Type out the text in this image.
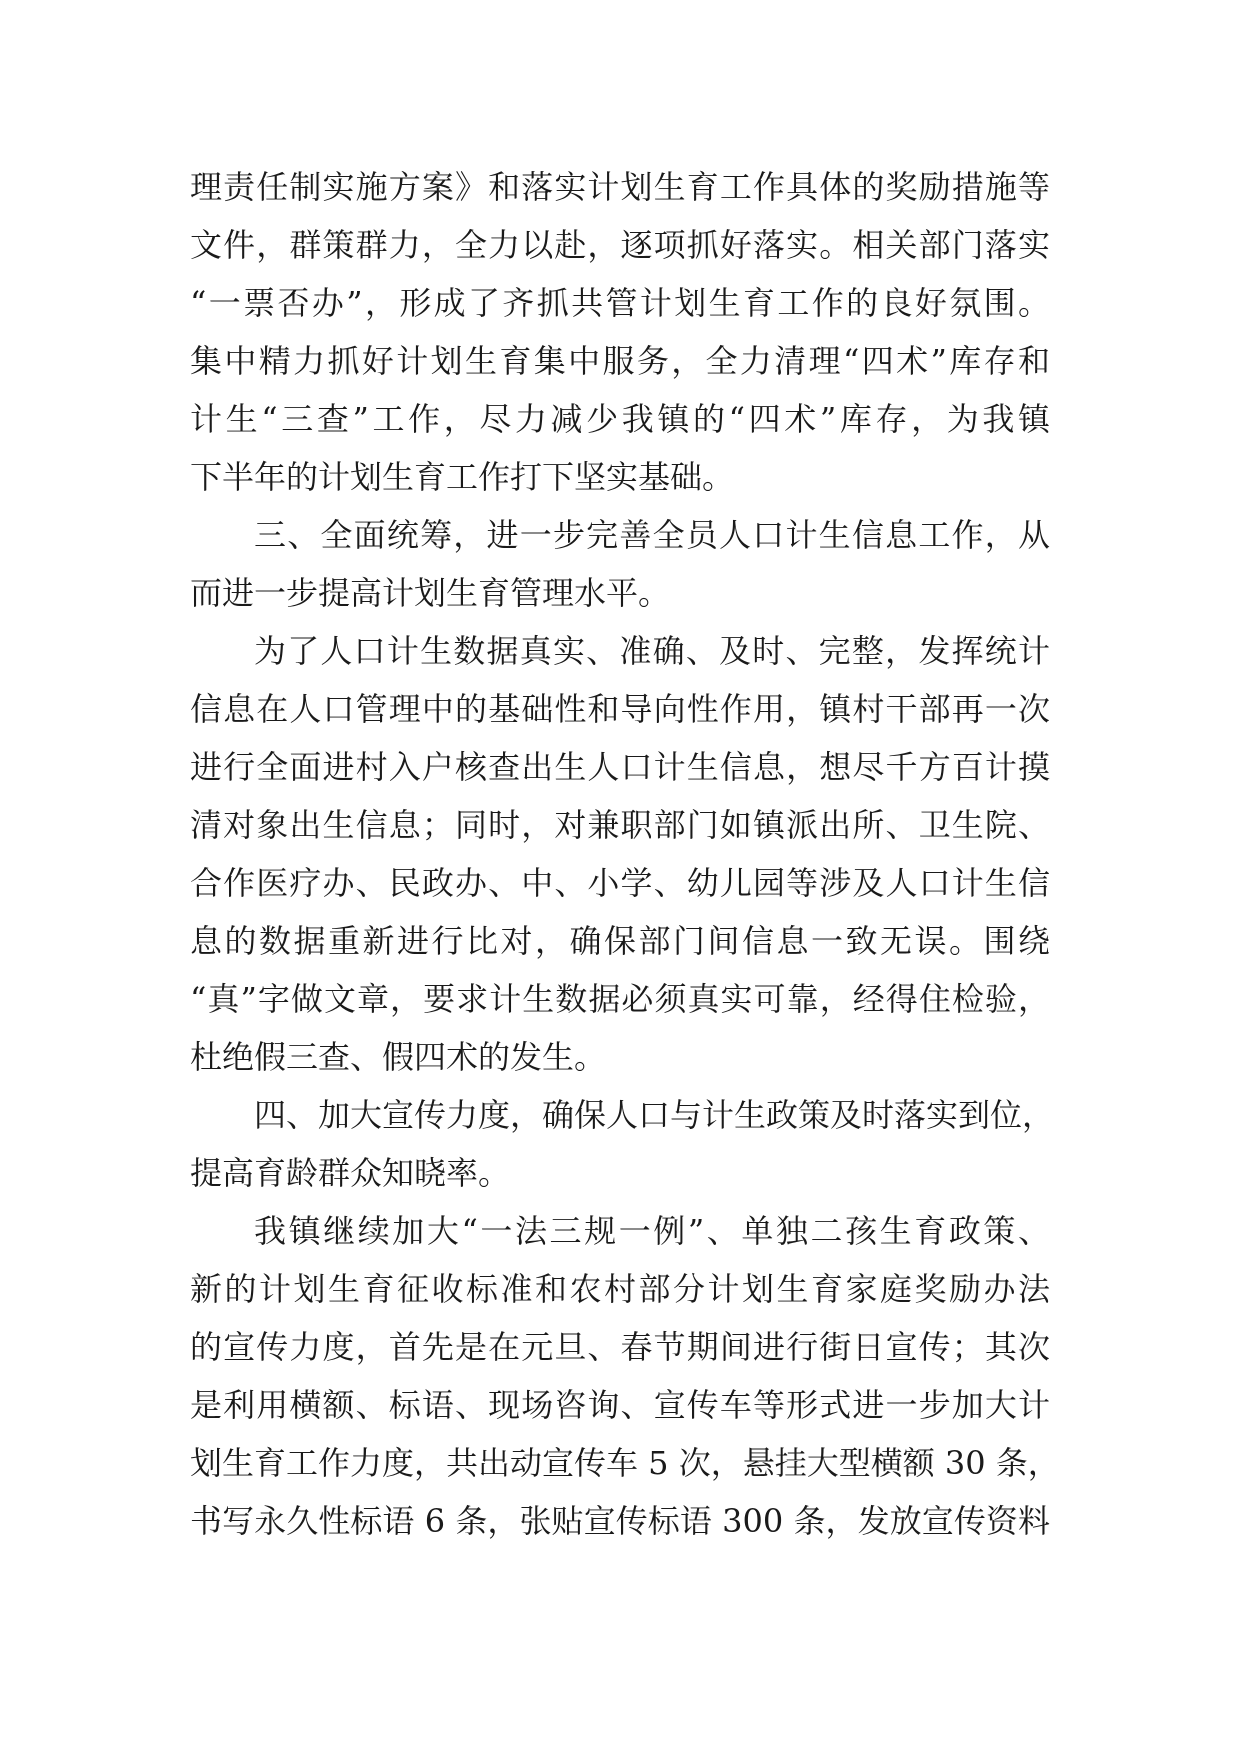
理责任制实施方案》和落实计划生育工作具体的奖励措施等
文件，群策群力，全力以赴，逐项抓好落实。相关部门落实
“一票否办”，形成了齐抓共管计划生育工作的良好氛围。
集中精力抓好计划生育集中服务，全力清理“四术”库存和
计生“三查”工作，尽力减少我镇的“四术”库存，为我镇
下半年的计划生育工作打下坚实基础。
三、全面统筹，进一步完善全员人口计生信息工作，从
而进一步提高计划生育管理水平。
为了人口计生数据真实、准确、及时、完整，发挥统计
信息在人口管理中的基础性和导向性作用，镇村干部再一次
进行全面进村入户核查出生人口计生信息，想尽千方百计摸
清对象出生信息；同时，对兼职部门如镇派出所、卫生院、
合作医疗办、民政办、中、小学、幼儿园等涉及人口计生信
息的数据重新进行比对，确保部门间信息一致无误。围绕
“真”字做文章，要求计生数据必须真实可靠，经得住检验，
杜绝假三查、假四术的发生。
四、加大宣传力度，确保人口与计生政策及时落实到位，
提高育龄群众知晓率。
我镇继续加大“一法三规一例”、单独二孩生育政策、
新的计划生育征收标准和农村部分计划生育家庭奖励办法
的宣传力度，首先是在元旦、春节期间进行街日宣传；其次
是利用横额、标语、现场咨询、宣传车等形式进一步加大计
划生育工作力度，共出动宣传车 5 次，悬挂大型横额 30 条，
书写永久性标语 6 条，张贴宣传标语 300 条，发放宣传资料
